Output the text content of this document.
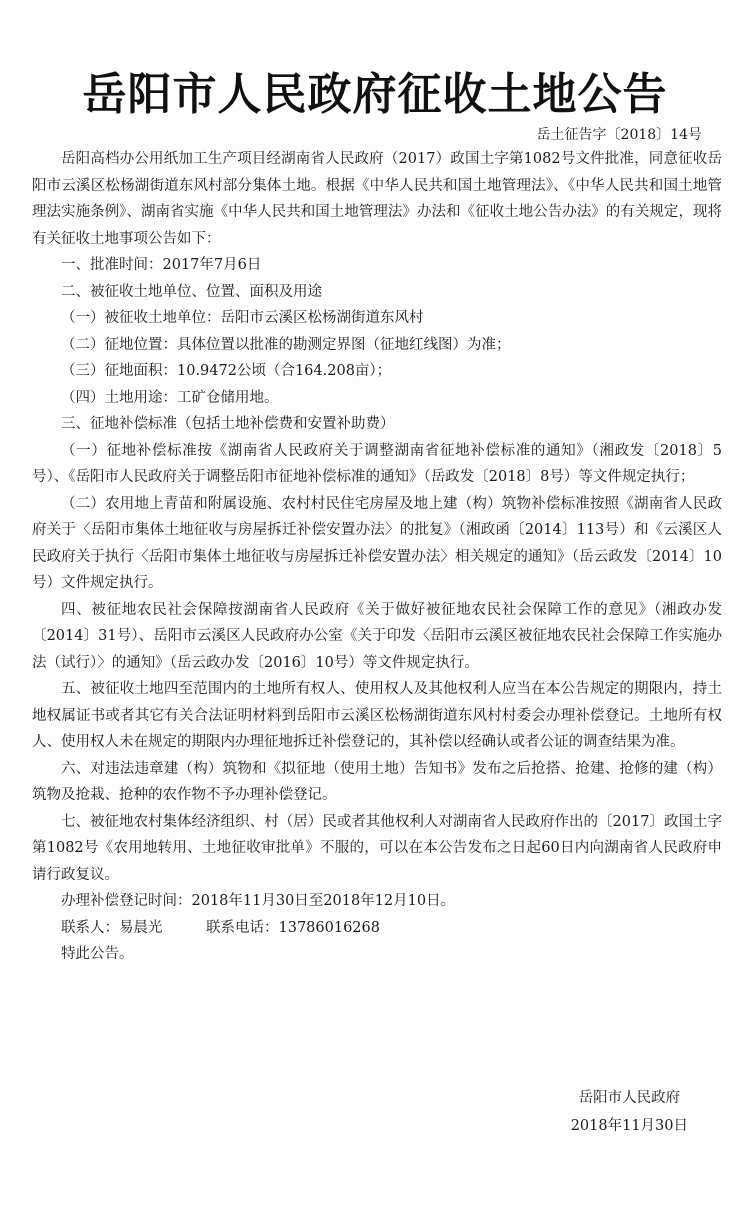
岳阳市人民政府征收土地公告
岳土征告字〔2018〕14号

岳阳高档办公用纸加工生产项目经湖南省人民政府（2017）政国土字第1082号文件批准，同意征收岳阳市云溪区松杨湖街道东风村部分集体土地。根据《中华人民共和国土地管理法》、《中华人民共和国土地管理法实施条例》、湖南省实施《中华人民共和国土地管理法》办法和《征收土地公告办法》的有关规定，现将有关征收土地事项公告如下：

一、批准时间：2017年7月6日

二、被征收土地单位、位置、面积及用途

（一）被征收土地单位：岳阳市云溪区松杨湖街道东风村

（二）征地位置：具体位置以批准的勘测定界图（征地红线图）为准；

（三）征地面积：10.9472公顷（合164.208亩）；

（四）土地用途：工矿仓储用地。

三、征地补偿标准（包括土地补偿费和安置补助费）

（一）征地补偿标准按《湖南省人民政府关于调整湖南省征地补偿标准的通知》（湘政发〔2018〕5号）、《岳阳市人民政府关于调整岳阳市征地补偿标准的通知》（岳政发〔2018〕8号）等文件规定执行；

（二）农用地上青苗和附属设施、农村村民住宅房屋及地上建（构）筑物补偿标准按照《湖南省人民政府关于〈岳阳市集体土地征收与房屋拆迁补偿安置办法〉的批复》（湘政函〔2014〕113号）和《云溪区人民政府关于执行〈岳阳市集体土地征收与房屋拆迁补偿安置办法〉相关规定的通知》（岳云政发〔2014〕10号）文件规定执行。

四、被征地农民社会保障按湖南省人民政府《关于做好被征地农民社会保障工作的意见》（湘政办发〔2014〕31号）、岳阳市云溪区人民政府办公室《关于印发〈岳阳市云溪区被征地农民社会保障工作实施办法（试行）〉的通知》（岳云政办发〔2016〕10号）等文件规定执行。

五、被征收土地四至范围内的土地所有权人、使用权人及其他权利人应当在本公告规定的期限内，持土地权属证书或者其它有关合法证明材料到岳阳市云溪区松杨湖街道东风村村委会办理补偿登记。土地所有权人、使用权人未在规定的期限内办理征地拆迁补偿登记的，其补偿以经确认或者公证的调查结果为准。

六、对违法违章建（构）筑物和《拟征地（使用土地）告知书》发布之后抢搭、抢建、抢修的建（构）筑物及抢栽、抢种的农作物不予办理补偿登记。

七、被征地农村集体经济组织、村（居）民或者其他权利人对湖南省人民政府作出的〔2017〕政国土字第1082号《农用地转用、土地征收审批单》不服的，可以在本公告发布之日起60日内向湖南省人民政府申请行政复议。

办理补偿登记时间：2018年11月30日至2018年12月10日。

联系人：易晨光　　　联系电话：13786016268

特此公告。

岳阳市人民政府
2018年11月30日
